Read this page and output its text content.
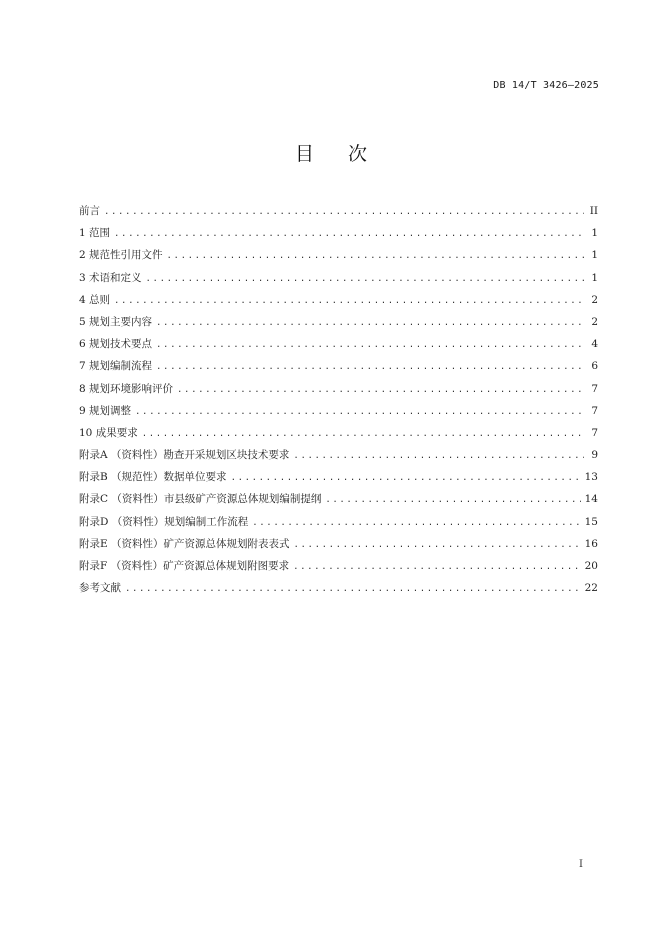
DB 14/T 3426—2025
目次
前言 .....	II
1 范围 .....	1
2 规范性引用文件 .....	1
3 术语和定义 .....	1
4 总则 .....	2
5 规划主要内容 .....	2
6 规划技术要点 .....	4
7 规划编制流程 .....	6
8 规划环境影响评价 .....	7
9 规划调整 .....	7
10 成果要求 .....	7
附录A （资料性）勘查开采规划区块技术要求 .....	9
附录B （规范性）数据单位要求 .....	13
附录C （资料性）市县级矿产资源总体规划编制提纲 .....	14
附录D （资料性）规划编制工作流程 .....	15
附录E （资料性）矿产资源总体规划附表表式 .....	16
附录F （资料性）矿产资源总体规划附图要求 .....	20
参考文献 .....	22
I
